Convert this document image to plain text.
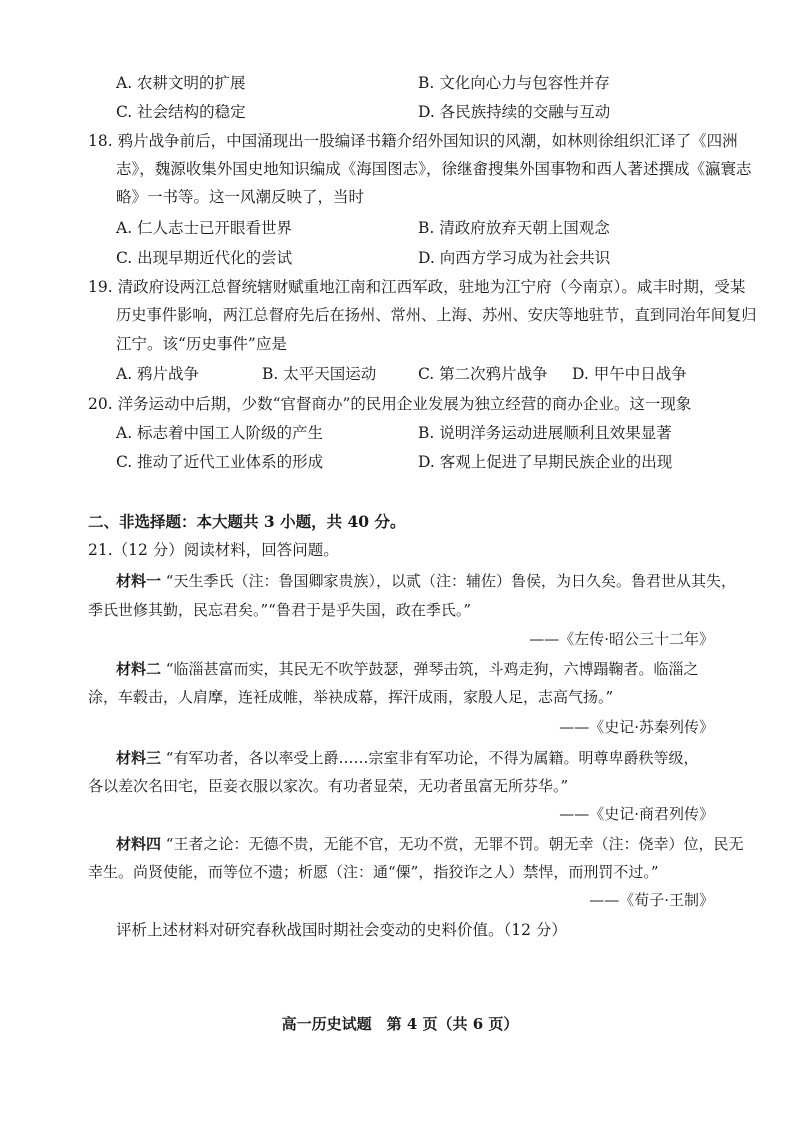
A. 农耕文明的扩展	B. 文化向心力与包容性并存
C. 社会结构的稳定	D. 各民族持续的交融与互动
18. 鸦片战争前后，中国涌现出一股编译书籍介绍外国知识的风潮，如林则徐组织汇译了《四洲
志》，魏源收集外国史地知识编成《海国图志》，徐继畬搜集外国事物和西人著述撰成《瀛寰志
略》一书等。这一风潮反映了，当时
A. 仁人志士已开眼看世界	B. 清政府放弃天朝上国观念
C. 出现早期近代化的尝试	D. 向西方学习成为社会共识
19. 清政府设两江总督统辖财赋重地江南和江西军政，驻地为江宁府（今南京）。咸丰时期，受某
历史事件影响，两江总督府先后在扬州、常州、上海、苏州、安庆等地驻节，直到同治年间复归
江宁。该“历史事件”应是
A. 鸦片战争	B. 太平天国运动	C. 第二次鸦片战争 D. 甲午中日战争
20. 洋务运动中后期，少数“官督商办”的民用企业发展为独立经营的商办企业。这一现象
A. 标志着中国工人阶级的产生	B. 说明洋务运动进展顺利且效果显著
C. 推动了近代工业体系的形成	D. 客观上促进了早期民族企业的出现
二、非选择题：本大题共 3 小题，共 40 分。
21.（12 分）阅读材料，回答问题。
材料一 “天生季氏（注：鲁国卿家贵族），以贰（注：辅佐）鲁侯，为日久矣。鲁君世从其失，
季氏世修其勤，民忘君矣。”“鲁君于是乎失国，政在季氏。”
——《左传·昭公三十二年》
材料二 “临淄甚富而实，其民无不吹竽鼓瑟，弹琴击筑，斗鸡走狗，六博蹋鞠者。临淄之
涂，车毂击，人肩摩，连衽成帷，举袂成幕，挥汗成雨，家殷人足，志高气扬。”
——《史记·苏秦列传》
材料三 “有军功者，各以率受上爵……宗室非有军功论，不得为属籍。明尊卑爵秩等级，
各以差次名田宅，臣妾衣服以家次。有功者显荣，无功者虽富无所芬华。”
——《史记·商君列传》
材料四 “王者之论：无德不贵，无能不官，无功不赏，无罪不罚。朝无幸（注：侥幸）位，民无
幸生。尚贤使能，而等位不遗；析愿（注：通“傈”，指狡诈之人）禁悍，而刑罚不过。”
——《荀子·王制》
评析上述材料对研究春秋战国时期社会变动的史料价值。（12 分）
高一历史试题　第 4 页（共 6 页）
